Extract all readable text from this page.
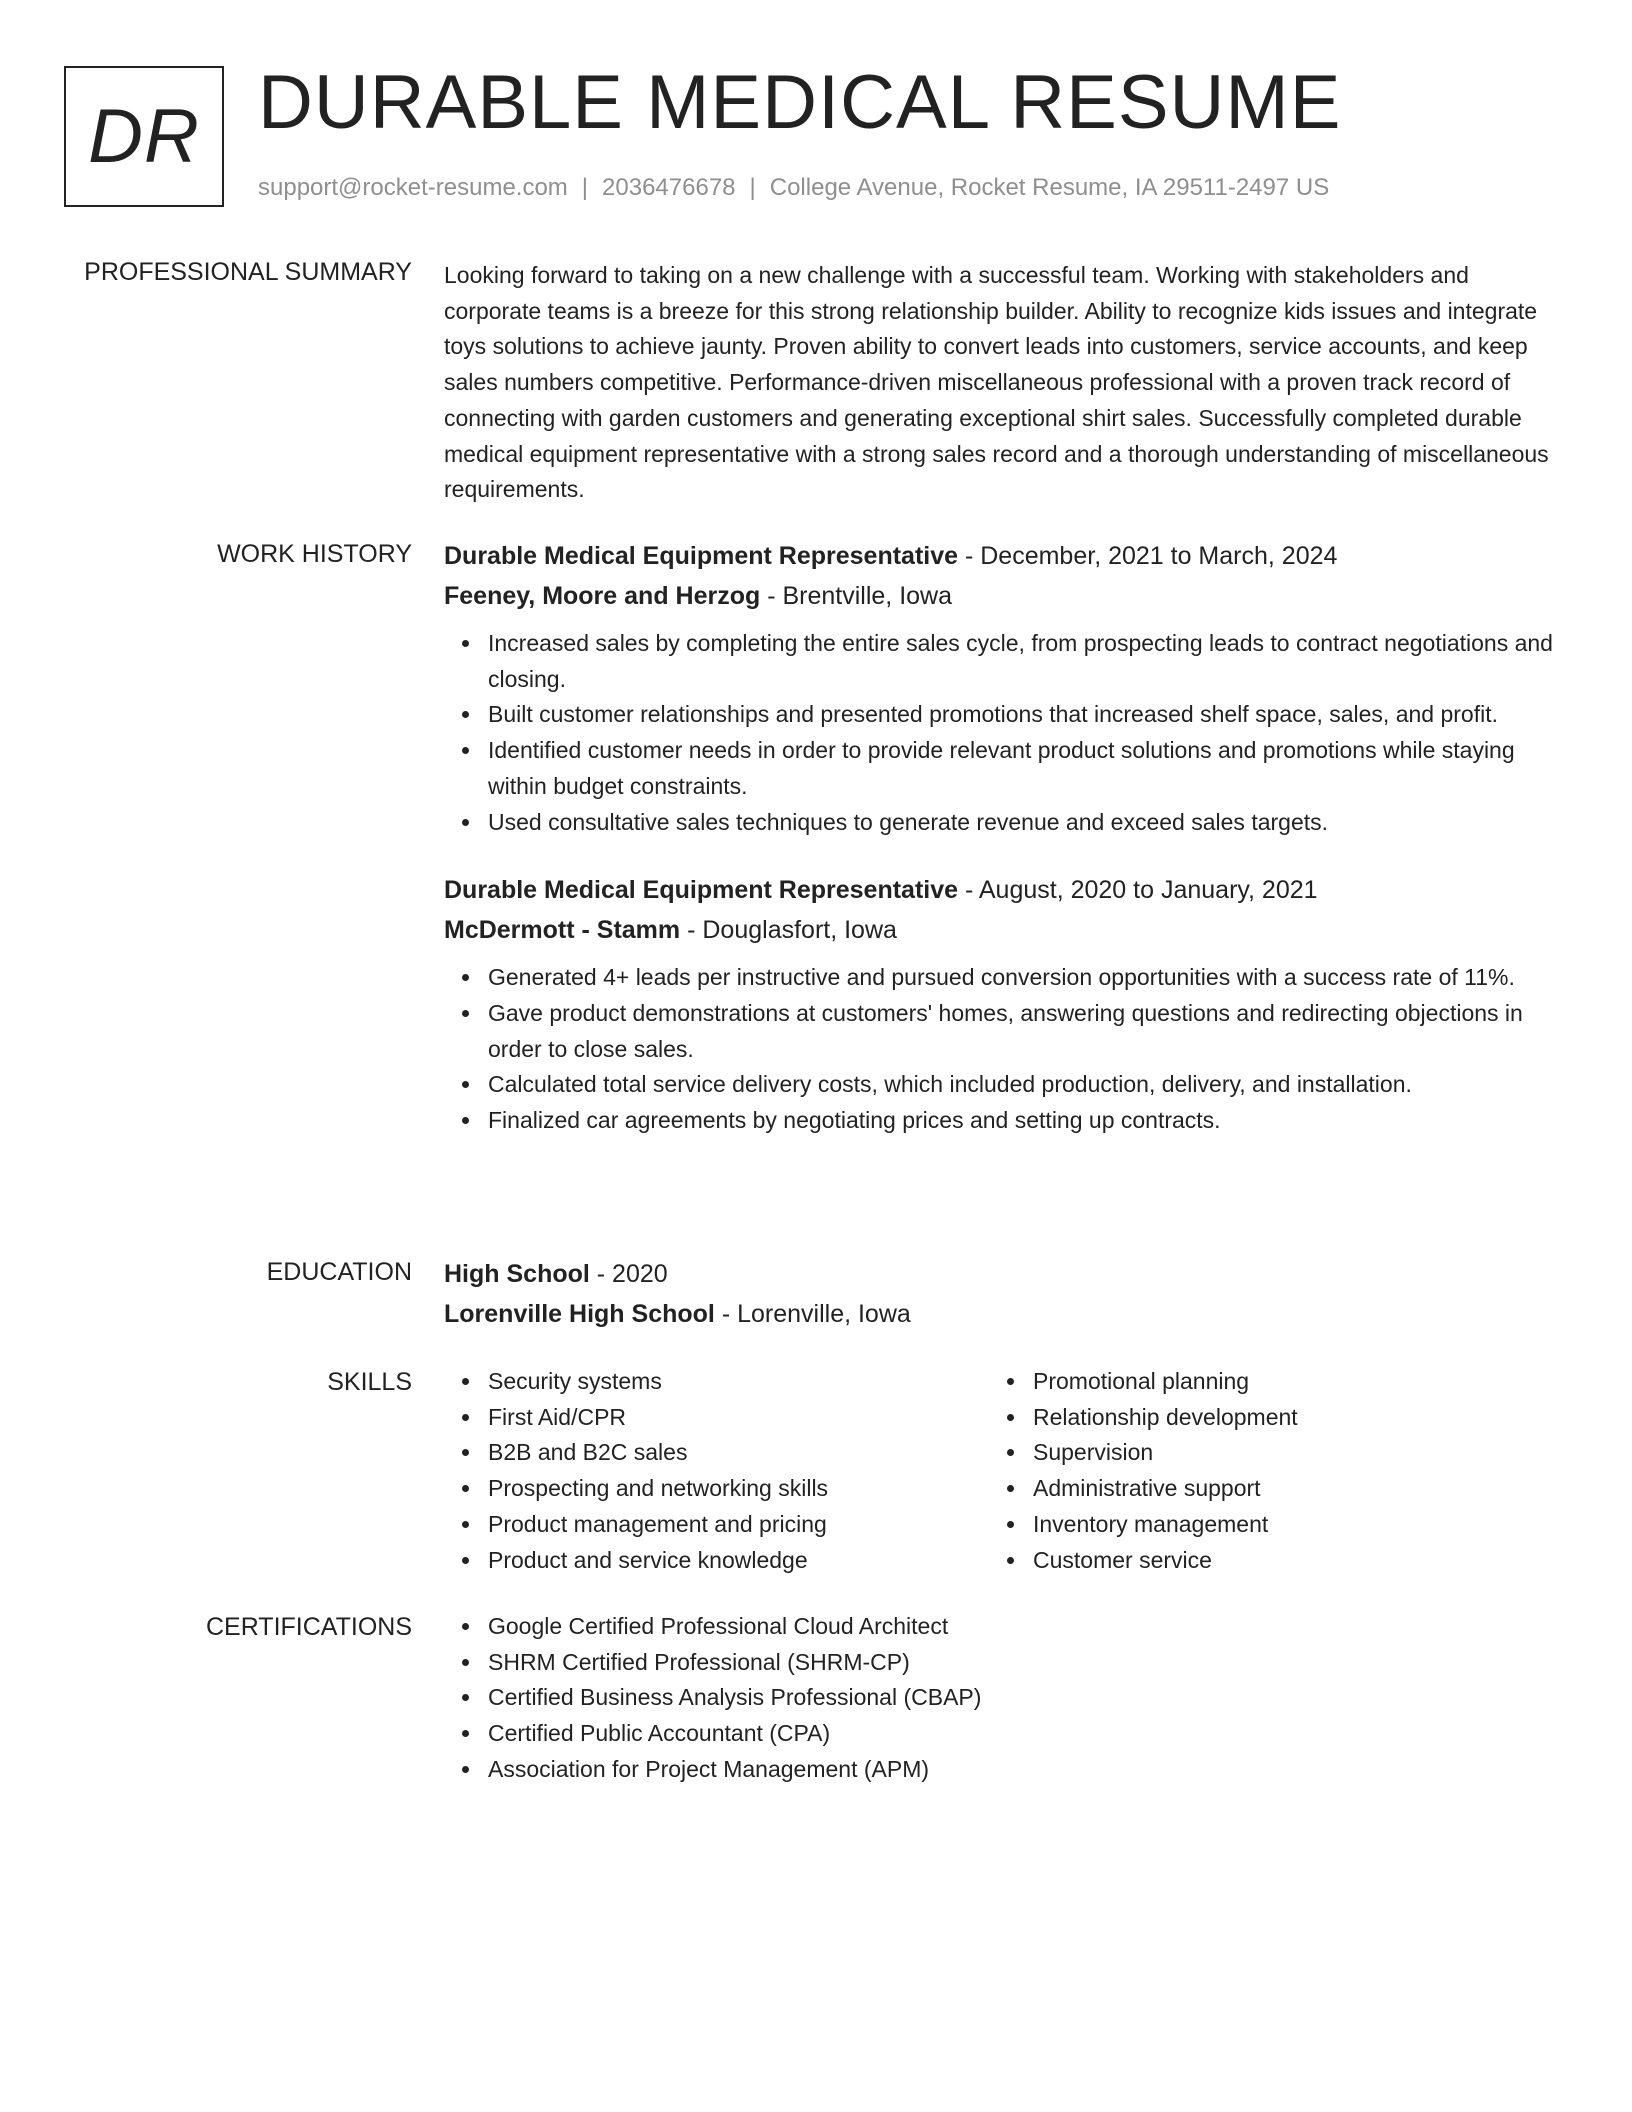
DR DURABLE MEDICAL RESUME
support@rocket-resume.com | 2036476678 | College Avenue, Rocket Resume, IA 29511-2497 US
PROFESSIONAL SUMMARY Looking forward to taking on a new challenge with a successful team. Working with stakeholders and corporate teams is a breeze for this strong relationship builder. Ability to recognize kids issues and integrate toys solutions to achieve jaunty. Proven ability to convert leads into customers, service accounts, and keep sales numbers competitive. Performance-driven miscellaneous professional with a proven track record of connecting with garden customers and generating exceptional shirt sales. Successfully completed durable medical equipment representative with a strong sales record and a thorough understanding of miscellaneous requirements.

WORK HISTORY Durable Medical Equipment Representative - December, 2021 to March, 2024
Feeney, Moore and Herzog - Brentville, Iowa
Increased sales by completing the entire sales cycle, from prospecting leads to contract negotiations and closing.
Built customer relationships and presented promotions that increased shelf space, sales, and profit.
Identified customer needs in order to provide relevant product solutions and promotions while staying within budget constraints.
Used consultative sales techniques to generate revenue and exceed sales targets.
Durable Medical Equipment Representative - August, 2020 to January, 2021
McDermott - Stamm - Douglasfort, Iowa
Generated 4+ leads per instructive and pursued conversion opportunities with a success rate of 11%.
Gave product demonstrations at customers' homes, answering questions and redirecting objections in order to close sales.
Calculated total service delivery costs, which included production, delivery, and installation.
Finalized car agreements by negotiating prices and setting up contracts.
EDUCATION High School - 2020
Lorenville High School - Lorenville, Iowa
SKILLS	Security systems
First Aid/CPR
B2B and B2C sales
Prospecting and networking skills
Product management and pricing
Product and service knowledge
Promotional planning
Relationship development
Supervision
Administrative support
Inventory management
Customer service
CERTIFICATIONS	Google Certified Professional Cloud Architect
SHRM Certified Professional (SHRM-CP)
Certified Business Analysis Professional (CBAP)
Certified Public Accountant (CPA)
Association for Project Management (APM)
